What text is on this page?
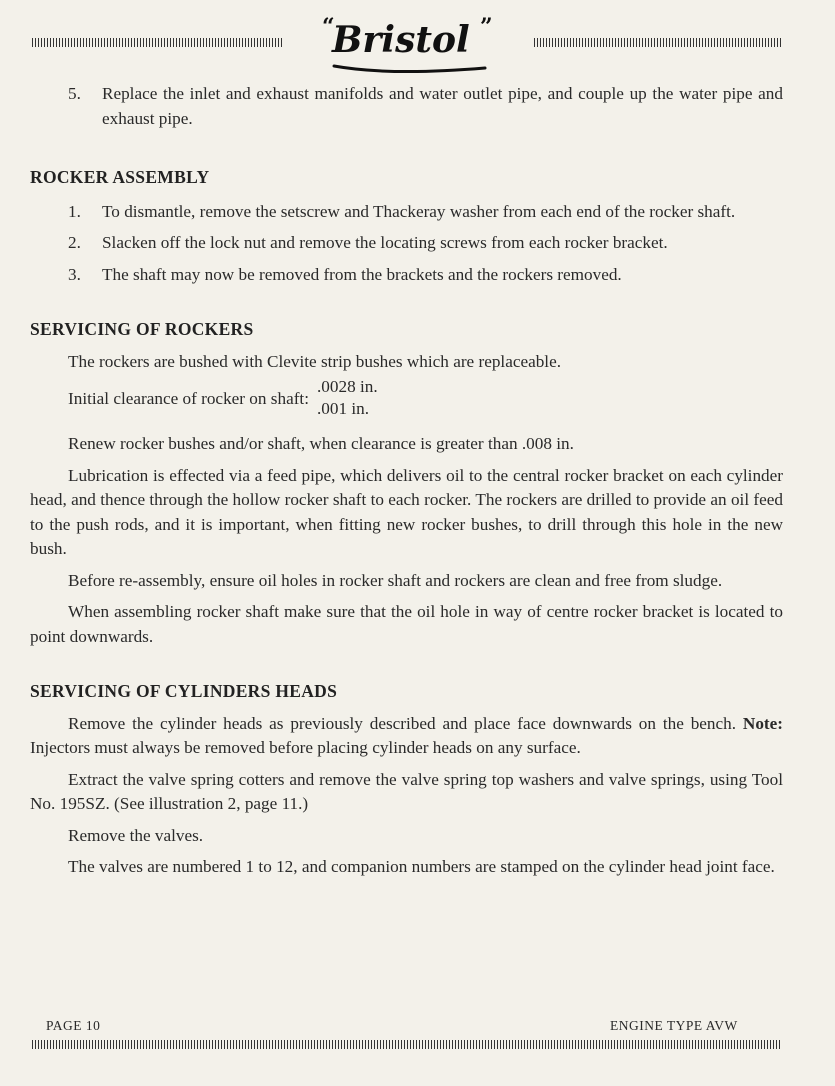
“
Bristol ”
5.	Replace the inlet and exhaust manifolds and water outlet pipe, and couple up the water pipe and exhaust pipe.
ROCKER ASSEMBLY
1.	To dismantle, remove the setscrew and Thackeray washer from each end of the rocker shaft.
2.	Slacken off the lock nut and remove the locating screws from each rocker bracket.
3.	The shaft may now be removed from the brackets and the rockers removed.
SERVICING OF ROCKERS

The rockers are bushed with Clevite strip bushes which are replaceable.

Initial clearance of rocker on shaft:
.0028 in.
.001 in.

Renew rocker bushes and/or shaft, when clearance is greater than .008 in.

Lubrication is effected via a feed pipe, which delivers oil to the central rocker bracket on each cylinder head, and thence through the hollow rocker shaft to each rocker. The rockers are drilled to provide an oil feed to the push rods, and it is important, when fitting new rocker bushes, to drill through this hole in the new bush.

Before re-assembly, ensure oil holes in rocker shaft and rockers are clean and free from sludge.

When assembling rocker shaft make sure that the oil hole in way of centre rocker bracket is located to point downwards.

SERVICING OF CYLINDERS HEADS

Remove the cylinder heads as previously described and place face downwards on the bench. Note: Injectors must always be removed before placing cylinder heads on any surface.

Extract the valve spring cotters and remove the valve spring top washers and valve springs, using Tool No. 195SZ. (See illustration 2, page 11.)

Remove the valves.

The valves are numbered 1 to 12, and companion numbers are stamped on the cylinder head joint face.

PAGE 10	ENGINE TYPE AVW
